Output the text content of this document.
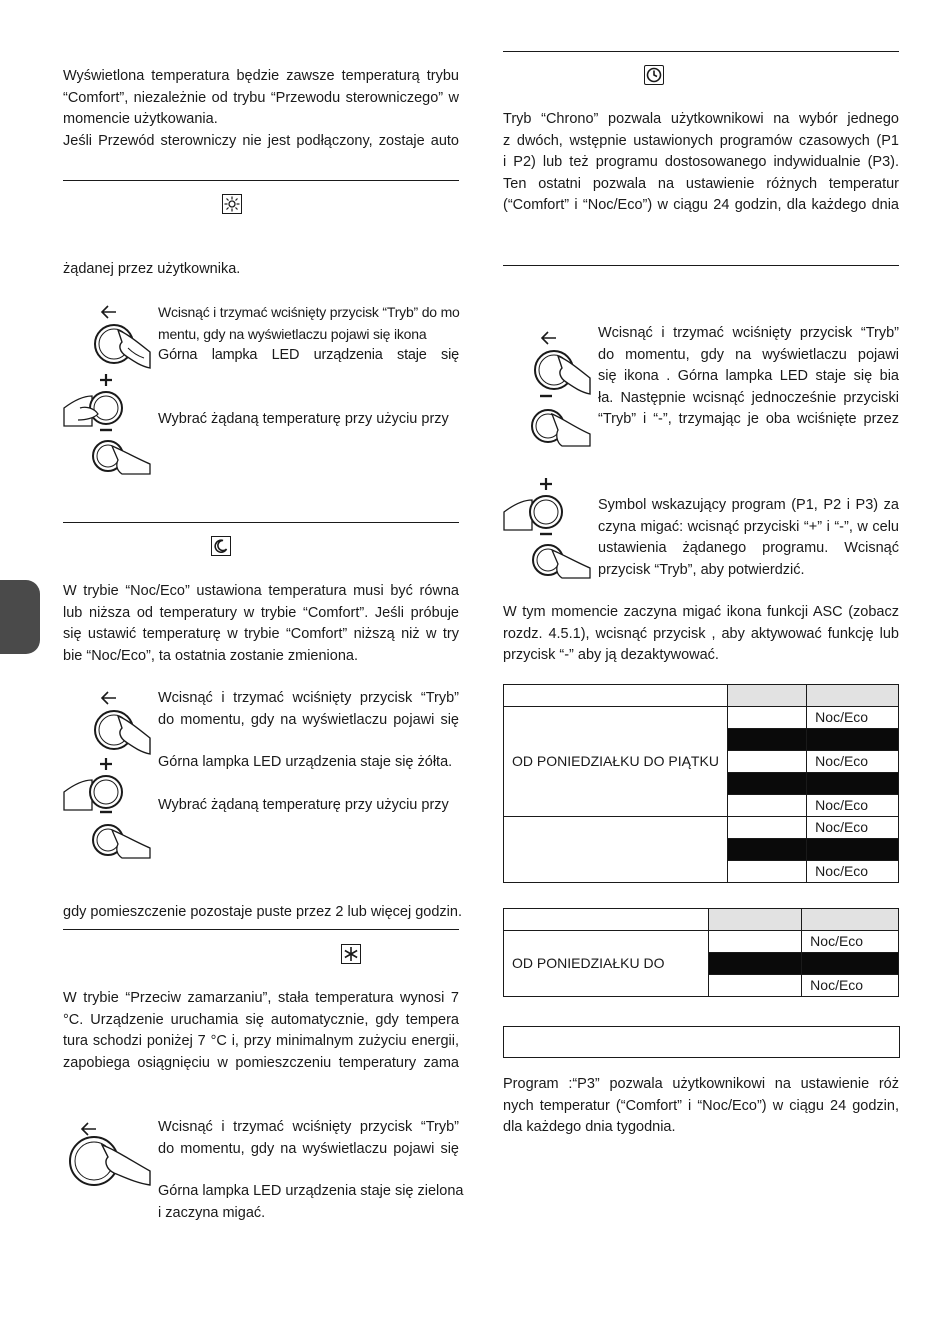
Wyświetlona temperatura będzie zawsze temperaturą trybu
“Comfort”, niezależnie od trybu “Przewodu sterowniczego” w
momencie użytkowania.
Jeśli Przewód sterowniczy nie jest podłączony, zostaje auto
żądanej przez użytkownika.
Wcisnąć i trzymać wciśnięty przycisk “Tryb” do mo
mentu, gdy na wyświetlaczu pojawi się ikona
Górna lampka LED urządzenia staje się
Wybrać żądaną temperaturę przy użyciu przy
W trybie “Noc/Eco” ustawiona temperatura musi być równa
lub niższa od temperatury w trybie “Comfort”. Jeśli próbuje
się ustawić temperaturę w trybie “Comfort” niższą niż w try
bie “Noc/Eco”, ta ostatnia zostanie zmieniona.
Wcisnąć i trzymać wciśnięty przycisk “Tryb”
do momentu, gdy na wyświetlaczu pojawi się
Górna lampka LED urządzenia staje się żółta.
Wybrać żądaną temperaturę przy użyciu przy
gdy pomieszczenie pozostaje puste przez 2 lub więcej godzin.
W trybie “Przeciw zamarzaniu”, stała temperatura wynosi 7
°C. Urządzenie uruchamia się automatycznie, gdy tempera
tura schodzi poniżej 7 °C i, przy minimalnym zużyciu energii,
zapobiega osiągnięciu w pomieszczeniu temperatury zama
Wcisnąć i trzymać wciśnięty przycisk “Tryb”
do momentu, gdy na wyświetlaczu pojawi się
Górna lampka LED urządzenia staje się zielona
i zaczyna migać.
Tryb “Chrono” pozwala użytkownikowi na wybór jednego
z dwóch, wstępnie ustawionych programów czasowych (P1
i P2) lub też programu dostosowanego indywidualnie (P3).
Ten ostatni pozwala na ustawienie różnych temperatur
(“Comfort” i “Noc/Eco”) w ciągu 24 godzin, dla każdego dnia
Wcisnąć i trzymać wciśnięty przycisk “Tryb”
do momentu, gdy na wyświetlaczu pojawi
się ikona . Górna lampka LED staje się bia
ła. Następnie wcisnąć jednocześnie przyciski
“Tryb” i “-”, trzymając je oba wciśnięte przez
Symbol wskazujący program (P1, P2 i P3) za
czyna migać: wcisnąć przyciski “+” i “-”, w celu
ustawienia żądanego programu. Wcisnąć
przycisk “Tryb”, aby potwierdzić.
W tym momencie zaczyna migać ikona funkcji ASC (zobacz
rozdz. 4.5.1), wcisnąć przycisk , aby aktywować funkcję lub
przycisk “-” aby ją dezaktywować.

OD PONIEDZIAŁKU DO PIĄTKU		Noc/Eco

		Noc/Eco

		Noc/Eco
		Noc/Eco

		Noc/Eco

OD PONIEDZIAŁKU DO		Noc/Eco

		Noc/Eco
Program :“P3” pozwala użytkownikowi na ustawienie róż
nych temperatur (“Comfort” i “Noc/Eco”) w ciągu 24 godzin,
dla każdego dnia tygodnia.
